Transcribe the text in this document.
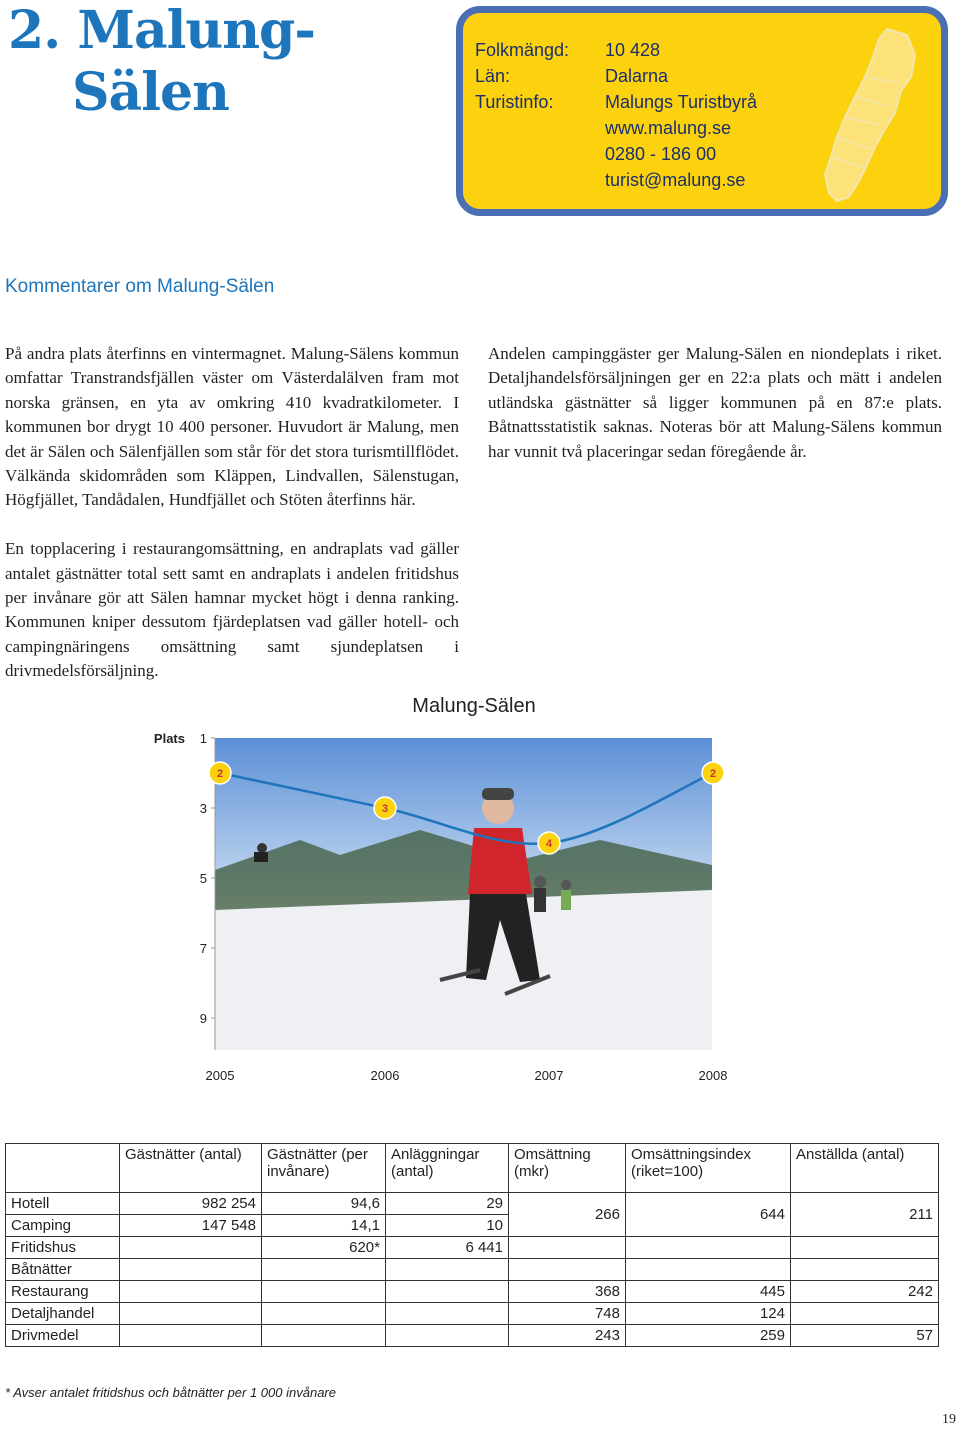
2. Malung-
Sälen
Folkmängd:	10 428
Län:	Dalarna
Turistinfo:	Malungs Turistbyrå
www.malung.se
0280 - 186 00
turist@malung.se
Kommentarer om Malung-Sälen

På andra plats återfinns en vintermagnet. Malung-Sälens kommun omfattar Transtrandsfjällen väster om Västerdalälven fram mot norska gränsen, en yta av omkring 410 kvadratkilometer. I kommunen bor drygt 10 400 personer. Huvudort är Malung, men det är Sälen och Sälenfjällen som står för det stora turismtillflödet. Välkända skidområden som Kläppen, Lindvallen, Sälenstugan, Högfjället, Tandådalen, Hundfjället och Stöten återfinns här.

En topplacering i restaurangomsättning, en andraplats vad gäller antalet gästnätter total sett samt en andraplats i andelen fritidshus per invånare gör att Sälen hamnar mycket högt i denna ranking. Kommunen kniper dessutom fjärdeplatsen vad gäller hotell- och campingnäringens omsättning samt sjundeplatsen i drivmedelsförsäljning.

Andelen campinggäster ger Malung-Sälen en niondeplats i riket. Detaljhandelsförsäljningen ger en 22:a plats och mätt i andelen utländska gästnätter så ligger kommunen på en 87:e plats. Båtnattsstatistik saknas. Noteras bör att Malung-Sälens kommun har vunnit två placeringar sedan föregående år.

Malung-Sälen
Plats 1
3
5
7
9
2005	2006	2007	2008
2
3
4
2
	Gästnätter (antal)	Gästnätter (per invånare)	Anläggningar (antal)	Omsättning (mkr)	Omsättningsindex (riket=100)	Anställda (antal)
Hotell	982 254	94,6	29	266	644	211
Camping	147 548	14,1	10			
Fritidshus		620*	6 441			
Båtnätter						
Restaurang				368	445	242
Detaljhandel				748	124	
Drivmedel				243	259	57
* Avser antalet fritidshus och båtnätter per 1 000 invånare
19
